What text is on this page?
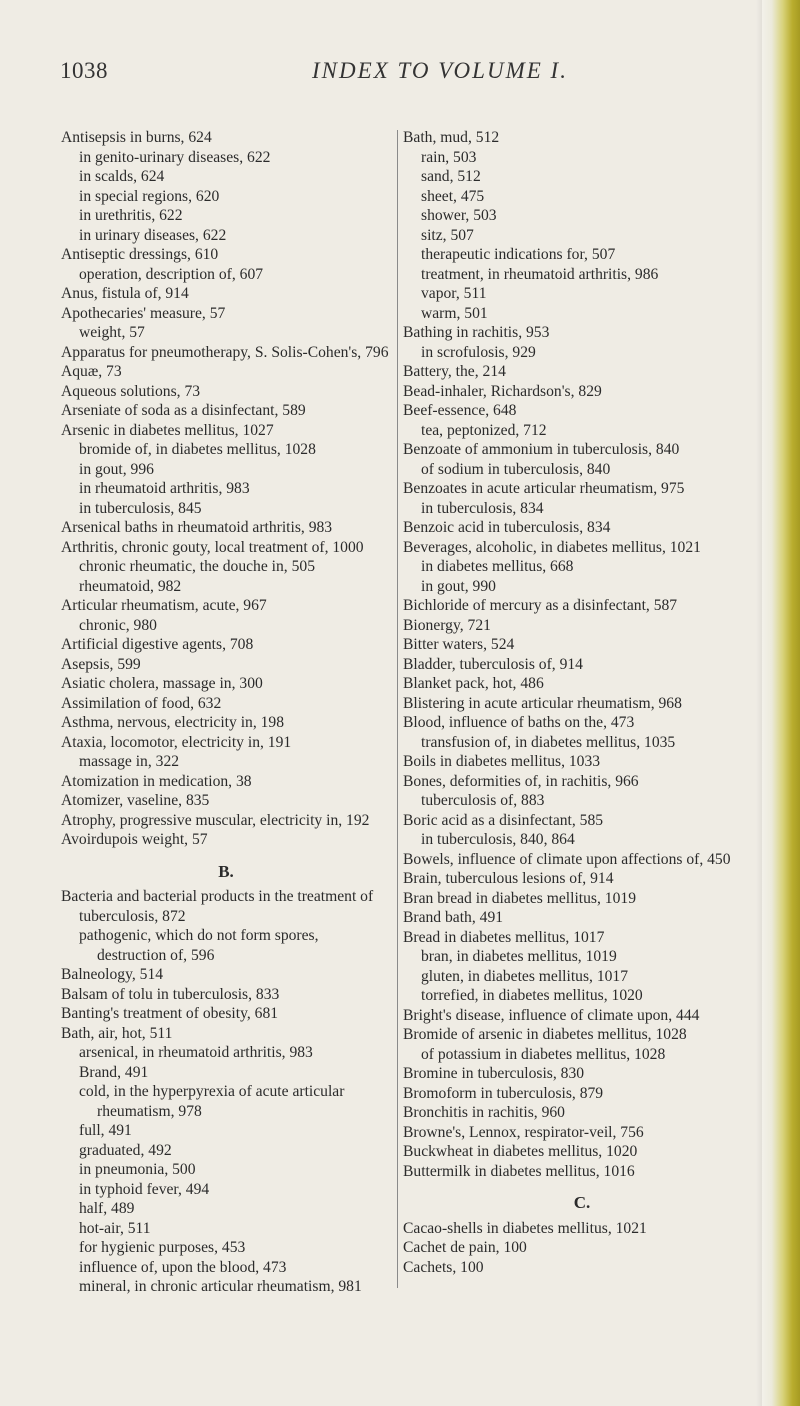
1038	INDEX TO VOLUME I.
Antisepsis in burns, 624
in genito-urinary diseases, 622
in scalds, 624
in special regions, 620
in urethritis, 622
in urinary diseases, 622
Antiseptic dressings, 610
operation, description of, 607
Anus, fistula of, 914
Apothecaries' measure, 57
weight, 57
Apparatus for pneumotherapy, S. Solis-Cohen's, 796
Aquæ, 73
Aqueous solutions, 73
Arseniate of soda as a disinfectant, 589
Arsenic in diabetes mellitus, 1027
bromide of, in diabetes mellitus, 1028
in gout, 996
in rheumatoid arthritis, 983
in tuberculosis, 845
Arsenical baths in rheumatoid arthritis, 983
Arthritis, chronic gouty, local treatment of, 1000
chronic rheumatic, the douche in, 505
rheumatoid, 982
Articular rheumatism, acute, 967
chronic, 980
Artificial digestive agents, 708
Asepsis, 599
Asiatic cholera, massage in, 300
Assimilation of food, 632
Asthma, nervous, electricity in, 198
Ataxia, locomotor, electricity in, 191
massage in, 322
Atomization in medication, 38
Atomizer, vaseline, 835
Atrophy, progressive muscular, electricity in, 192
Avoirdupois weight, 57
B.
Bacteria and bacterial products in the treatment of tuberculosis, 872
pathogenic, which do not form spores, destruction of, 596
Balneology, 514
Balsam of tolu in tuberculosis, 833
Banting's treatment of obesity, 681
Bath, air, hot, 511
arsenical, in rheumatoid arthritis, 983
Brand, 491
cold, in the hyperpyrexia of acute articular rheumatism, 978
full, 491
graduated, 492
in pneumonia, 500
in typhoid fever, 494
half, 489
hot-air, 511
for hygienic purposes, 453
influence of, upon the blood, 473
mineral, in chronic articular rheumatism, 981
Bath, mud, 512
rain, 503
sand, 512
sheet, 475
shower, 503
sitz, 507
therapeutic indications for, 507
treatment, in rheumatoid arthritis, 986
vapor, 511
warm, 501
Bathing in rachitis, 953
in scrofulosis, 929
Battery, the, 214
Bead-inhaler, Richardson's, 829
Beef-essence, 648
tea, peptonized, 712
Benzoate of ammonium in tuberculosis, 840
of sodium in tuberculosis, 840
Benzoates in acute articular rheumatism, 975
in tuberculosis, 834
Benzoic acid in tuberculosis, 834
Beverages, alcoholic, in diabetes mellitus, 1021
in diabetes mellitus, 668
in gout, 990
Bichloride of mercury as a disinfectant, 587
Bionergy, 721
Bitter waters, 524
Bladder, tuberculosis of, 914
Blanket pack, hot, 486
Blistering in acute articular rheumatism, 968
Blood, influence of baths on the, 473
transfusion of, in diabetes mellitus, 1035
Boils in diabetes mellitus, 1033
Bones, deformities of, in rachitis, 966
tuberculosis of, 883
Boric acid as a disinfectant, 585
in tuberculosis, 840, 864
Bowels, influence of climate upon affections of, 450
Brain, tuberculous lesions of, 914
Bran bread in diabetes mellitus, 1019
Brand bath, 491
Bread in diabetes mellitus, 1017
bran, in diabetes mellitus, 1019
gluten, in diabetes mellitus, 1017
torrefied, in diabetes mellitus, 1020
Bright's disease, influence of climate upon, 444
Bromide of arsenic in diabetes mellitus, 1028
of potassium in diabetes mellitus, 1028
Bromine in tuberculosis, 830
Bromoform in tuberculosis, 879
Bronchitis in rachitis, 960
Browne's, Lennox, respirator-veil, 756
Buckwheat in diabetes mellitus, 1020
Buttermilk in diabetes mellitus, 1016
C.
Cacao-shells in diabetes mellitus, 1021
Cachet de pain, 100
Cachets, 100
